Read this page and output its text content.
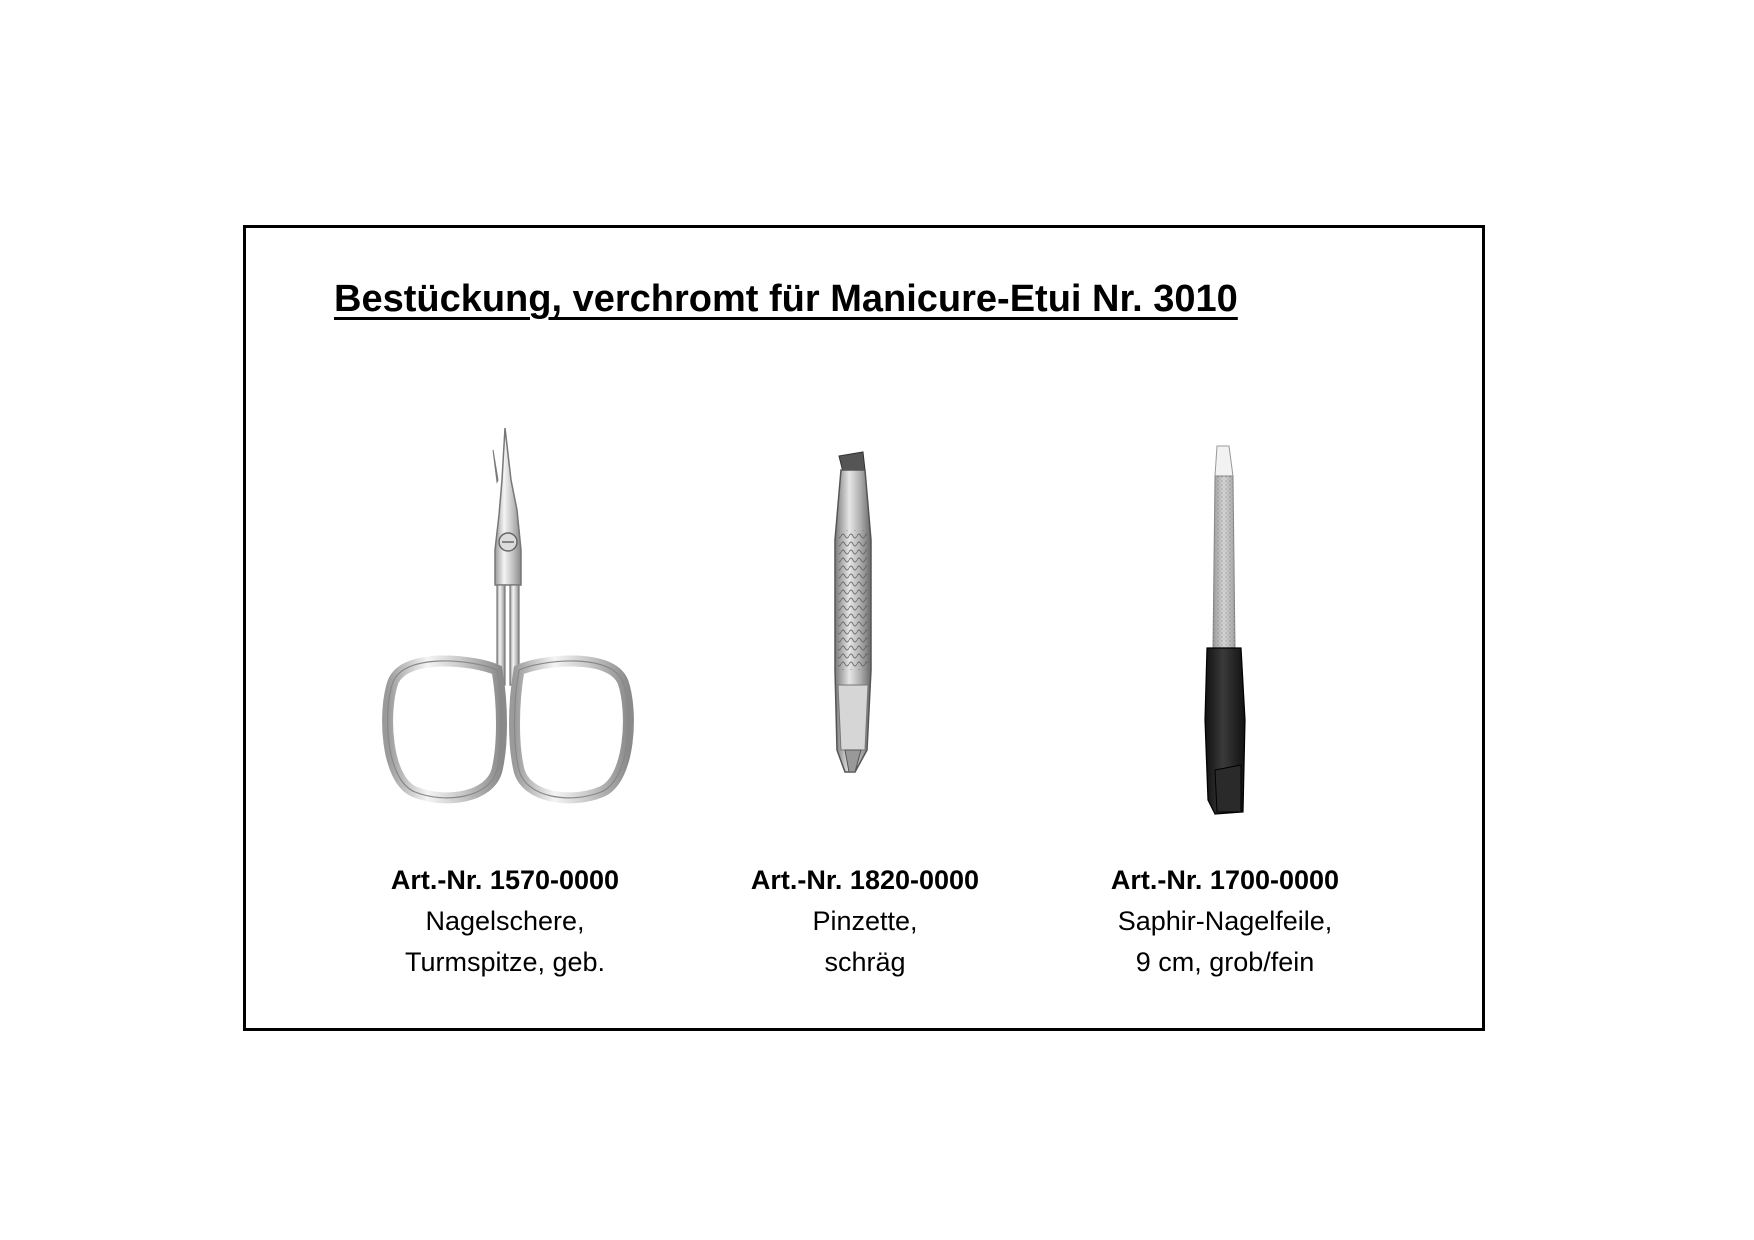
Bestückung, verchromt für Manicure-Etui Nr. 3010
Art.-Nr. 1570-0000
Nagelschere,
Turmspitze, geb.
Art.-Nr. 1820-0000
Pinzette,
schräg
Art.-Nr. 1700-0000
Saphir-Nagelfeile,
9 cm, grob/fein
